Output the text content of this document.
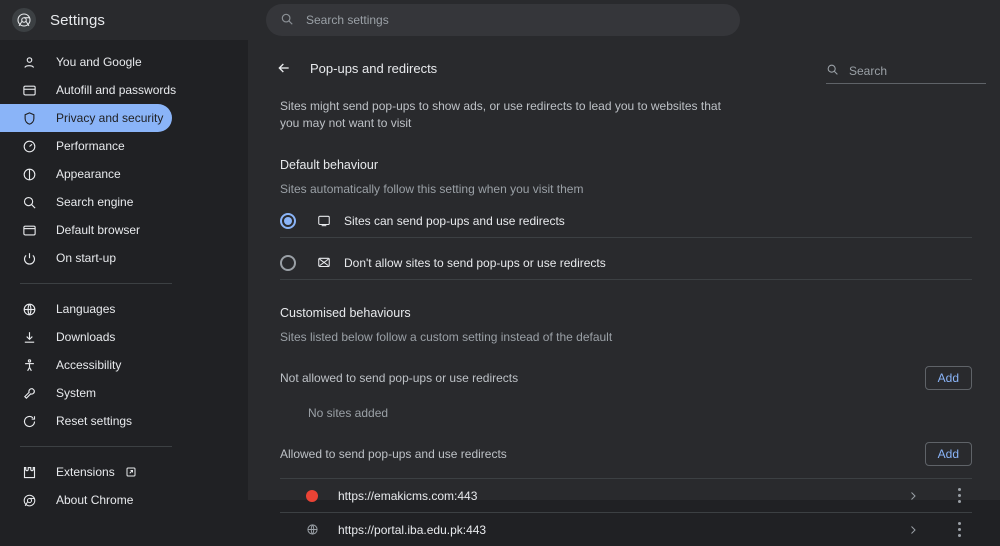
Settings	Search settings
You and Google
Autofill and passwords
Privacy and security
Performance
Appearance
Search engine
Default browser
On start-up
Languages
Downloads
Accessibility
System
Reset settings
Extensions
About Chrome
Pop-ups and redirects	Search
Sites might send pop-ups to show ads, or use redirects to lead you to websites that you may not want to visit
Default behaviour
Sites automatically follow this setting when you visit them
Sites can send pop-ups and use redirects
Don't allow sites to send pop-ups or use redirects
Customised behaviours
Sites listed below follow a custom setting instead of the default
Not allowed to send pop-ups or use redirects	Add
No sites added
Allowed to send pop-ups and use redirects	Add
https://emakicms.com:443
https://portal.iba.edu.pk:443
